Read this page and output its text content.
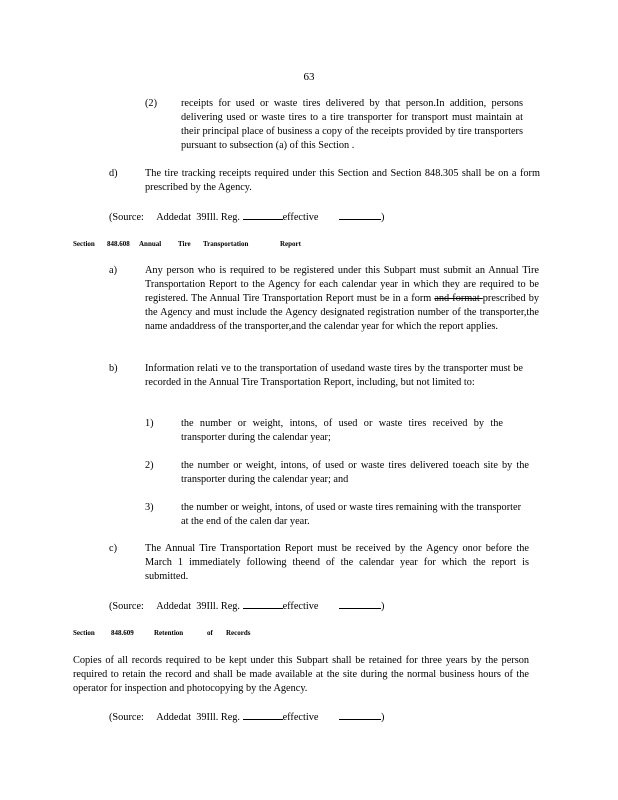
63
(2) receipts for used or waste tires delivered by that person.In addition, persons delivering used or waste tires to a tire transporter for transport must maintain at their principal place of business a copy of the receipts provided by tire transporters pursuant to subsection (a) of this Section .

d)	The tire tracking receipts required under this Section and Section 848.305 shall be on a form prescribed by the Agency.

(Source: Addedat 39Ill. Reg.	effective	)
Section 848.608 Annual Tire Transportation	Report
a)	Any person who is required to be registered under this Subpart must submit an Annual Tire Transportation Report to the Agency for each calendar year in which they are required to be registered. The Annual Tire Transportation Report must be in a form and format prescribed by the Agency and must include the Agency designated registration number of the transporter,the name andaddress of the transporter,and the calendar year for which the report applies.

b)	Information relati ve to the transportation of usedand waste tires by the transporter must be recorded in the Annual Tire Transportation Report, including, but not limited to:

1)	the number or weight, intons, of used or waste tires received by the transporter during the calendar year;

2)	the number or weight, intons, of used or waste tires delivered toeach site by the transporter during the calendar year; and

3)	the number or weight, intons, of used or waste tires remaining with the transporter at the end of the calen dar year.

c)	The Annual Tire Transportation Report must be received by the Agency onor before the March 1 immediately following theend of the calendar year for which the report is submitted.

(Source: Addedat 39Ill. Reg.	effective	)
Section 848.609	Retention	of Records

Copies of all records required to be kept under this Subpart shall be retained for three years by the person required to retain the record and shall be made available at the site during the normal business hours of the operator for inspection and photocopying by the Agency.

(Source: Addedat 39Ill. Reg.	effective	)
